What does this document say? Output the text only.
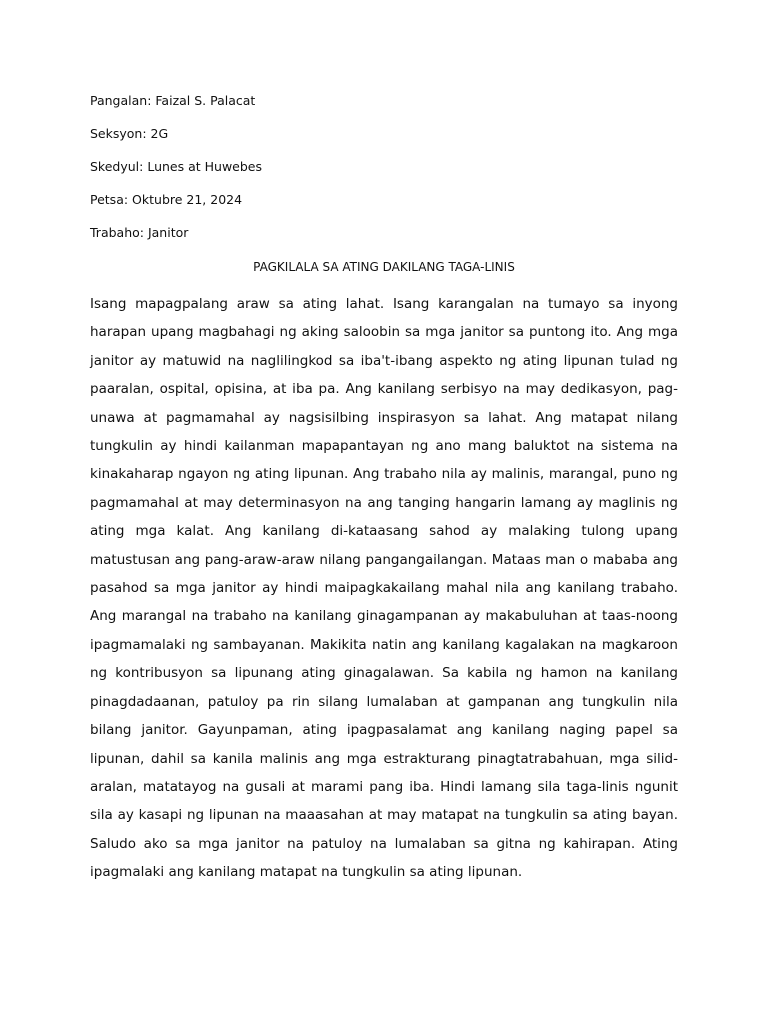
Pangalan: Faizal S. Palacat
Seksyon: 2G
Skedyul: Lunes at Huwebes
Petsa: Oktubre 21, 2024
Trabaho: Janitor
PAGKILALA SA ATING DAKILANG TAGA-LINIS

Isang mapagpalang araw sa ating lahat. Isang karangalan na tumayo sa inyong harapan upang magbahagi ng aking saloobin sa mga janitor sa puntong ito. Ang mga janitor ay matuwid na naglilingkod sa iba't-ibang aspekto ng ating lipunan tulad ng paaralan, ospital, opisina, at iba pa. Ang kanilang serbisyo na may dedikasyon, pag-unawa at pagmamahal ay nagsisilbing inspirasyon sa lahat. Ang matapat nilang tungkulin ay hindi kailanman mapapantayan ng ano mang baluktot na sistema na kinakaharap ngayon ng ating lipunan. Ang trabaho nila ay malinis, marangal, puno ng pagmamahal at may determinasyon na ang tanging hangarin lamang ay maglinis ng ating mga kalat. Ang kanilang di-kataasang sahod ay malaking tulong upang matustusan ang pang-araw-araw nilang pangangailangan. Mataas man o mababa ang pasahod sa mga janitor ay hindi maipagkakailang mahal nila ang kanilang trabaho. Ang marangal na trabaho na kanilang ginagampanan ay makabuluhan at taas-noong ipagmamalaki ng sambayanan. Makikita natin ang kanilang kagalakan na magkaroon ng kontribusyon sa lipunang ating ginagalawan. Sa kabila ng hamon na kanilang pinagdadaanan, patuloy pa rin silang lumalaban at gampanan ang tungkulin nila bilang janitor. Gayunpaman, ating ipagpasalamat ang kanilang naging papel sa lipunan, dahil sa kanila malinis ang mga estrakturang pinagtatrabahuan, mga silid-aralan, matatayog na gusali at marami pang iba. Hindi lamang sila taga-linis ngunit sila ay kasapi ng lipunan na maaasahan at may matapat na tungkulin sa ating bayan. Saludo ako sa mga janitor na patuloy na lumalaban sa gitna ng kahirapan. Ating ipagmalaki ang kanilang matapat na tungkulin sa ating lipunan.
